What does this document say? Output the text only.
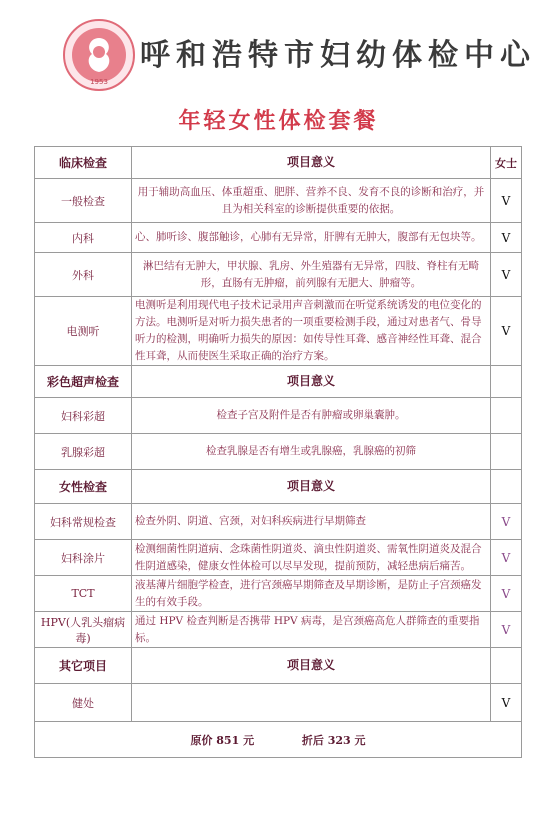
1953
呼和浩特市妇幼体检中心
年轻女性体检套餐
临床检查	项目意义	女士
一般检查	用于辅助高血压、体重超重、肥胖、营养不良、发育不良的诊断和治疗，并且为相关科室的诊断提供重要的依据。	V
内科	心、肺听诊、腹部触诊，心肺有无异常，肝脾有无肿大，腹部有无包块等。	V
外科	淋巴结有无肿大，甲状腺、乳房、外生殖器有无异常，四肢、脊柱有无畸形，直肠有无肿瘤，前列腺有无肥大、肿瘤等。	V
电测听	电测听是利用现代电子技术记录用声音刺激而在听觉系统诱发的电位变化的方法。电测听是对听力损失患者的一项重要检测手段，通过对患者气、骨导听力的检测，明确听力损失的原因：如传导性耳聋、感音神经性耳聋、混合性耳聋，从而使医生采取正确的治疗方案。	V
彩色超声检查	项目意义	
妇科彩超	检查子宫及附件是否有肿瘤或卵巢囊肿。	
乳腺彩超	检查乳腺是否有增生或乳腺癌，乳腺癌的初筛	
女性检查	项目意义	
妇科常规检查	检查外阴、阴道、宫颈，对妇科疾病进行早期筛查	V
妇科涂片	检测细菌性阴道病、念珠菌性阴道炎、滴虫性阴道炎、需氧性阴道炎及混合性阴道感染，健康女性体检可以尽早发现，提前预防，减轻患病后痛苦。	V
TCT	液基薄片细胞学检查，进行宫颈癌早期筛查及早期诊断，是防止子宫颈癌发生的有效手段。	V
HPV(人乳头瘤病毒)	通过 HPV 检查判断是否携带 HPV 病毒，是宫颈癌高危人群筛查的重要指标。	V
其它项目	项目意义	
健处		V
原价 851 元 折后 323 元		
